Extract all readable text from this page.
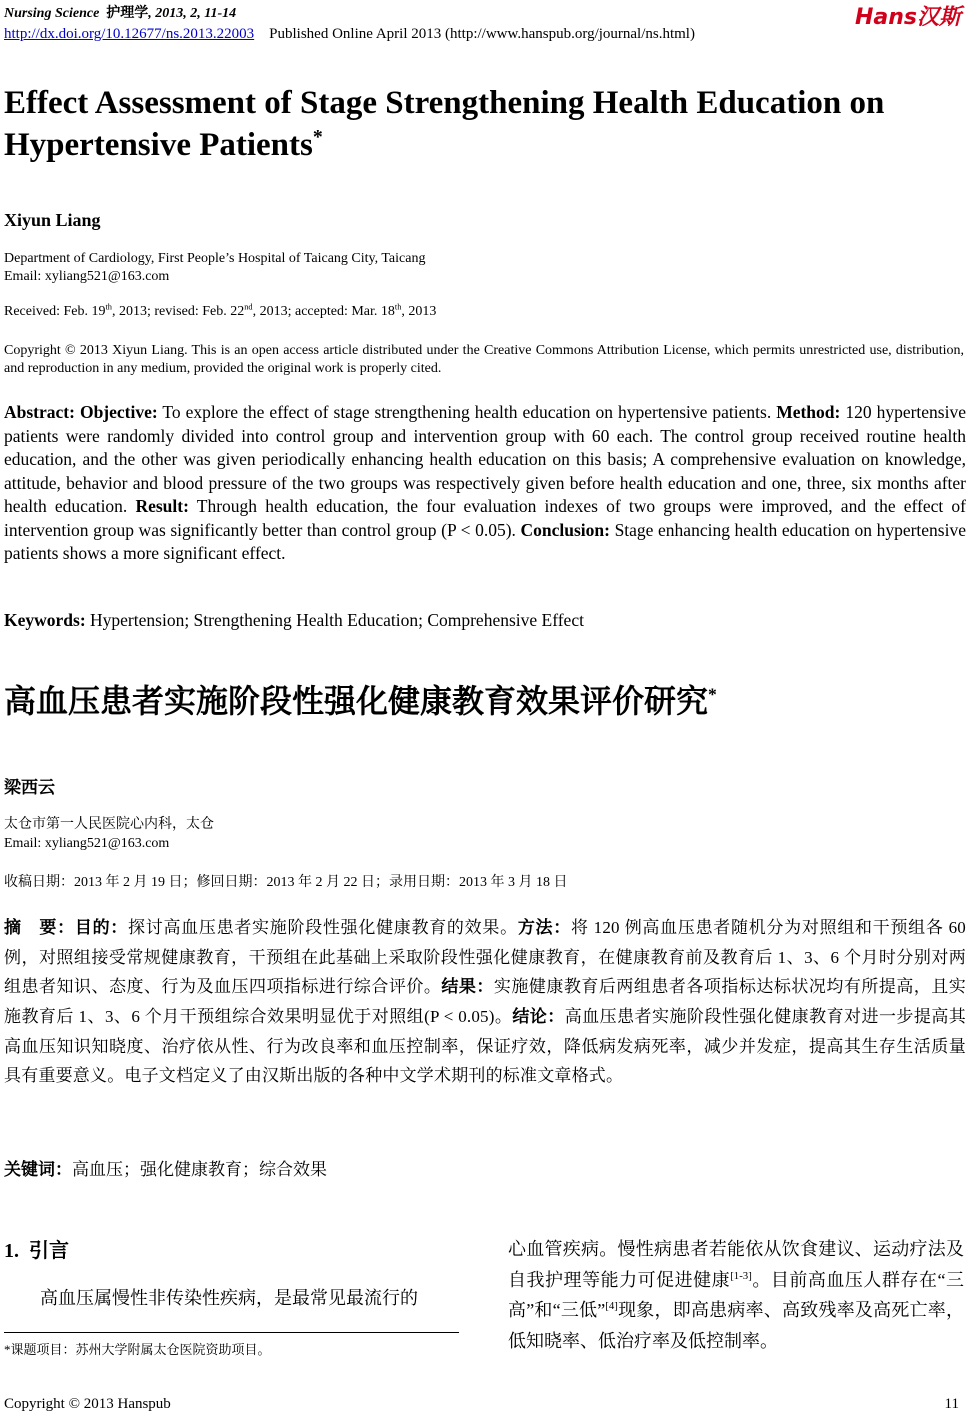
Nursing Science 护理学, 2013, 2, 11-14
http://dx.doi.org/10.12677/ns.2013.22003 Published Online April 2013 (http://www.hanspub.org/journal/ns.html)
Hans汉斯
Effect Assessment of Stage Strengthening Health Education on Hypertensive Patients*
Xiyun Liang
Department of Cardiology, First People’s Hospital of Taicang City, Taicang
Email: xyliang521@163.com
Received: Feb. 19th, 2013; revised: Feb. 22nd, 2013; accepted: Mar. 18th, 2013
Copyright © 2013 Xiyun Liang. This is an open access article distributed under the Creative Commons Attribution License, which permits unrestricted use, distribution, and reproduction in any medium, provided the original work is properly cited.
Abstract: Objective: To explore the effect of stage strengthening health education on hypertensive patients. Method: 120 hypertensive patients were randomly divided into control group and intervention group with 60 each. The control group received routine health education, and the other was given periodically enhancing health education on this basis; A comprehensive evaluation on knowledge, attitude, behavior and blood pressure of the two groups was respectively given before health education and one, three, six months after health education. Result: Through health education, the four evaluation indexes of two groups were improved, and the effect of intervention group was significantly better than control group (P < 0.05). Conclusion: Stage enhancing health education on hypertensive patients shows a more significant effect.
Keywords: Hypertension; Strengthening Health Education; Comprehensive Effect
高血压患者实施阶段性强化健康教育效果评价研究*
梁西云
太仓市第一人民医院心内科，太仓
Email: xyliang521@163.com
收稿日期：2013 年 2 月 19 日；修回日期：2013 年 2 月 22 日；录用日期：2013 年 3 月 18 日
摘　要：目的：探讨高血压患者实施阶段性强化健康教育的效果。方法：将 120 例高血压患者随机分为对照组和干预组各 60 例，对照组接受常规健康教育，干预组在此基础上采取阶段性强化健康教育，在健康教育前及教育后 1、3、6 个月时分别对两组患者知识、态度、行为及血压四项指标进行综合评价。结果：实施健康教育后两组患者各项指标达标状况均有所提高，且实施教育后 1、3、6 个月干预组综合效果明显优于对照组(P < 0.05)。结论：高血压患者实施阶段性强化健康教育对进一步提高其高血压知识知晓度、治疗依从性、行为改良率和血压控制率，保证疗效，降低病发病死率，减少并发症，提高其生存生活质量具有重要意义。电子文档定义了由汉斯出版的各种中文学术期刊的标准文章格式。
关键词：高血压；强化健康教育；综合效果
1. 引言
高血压属慢性非传染性疾病，是最常见最流行的
*课题项目：苏州大学附属太仓医院资助项目。
心血管疾病。慢性病患者若能依从饮食建议、运动疗法及自我护理等能力可促进健康[1-3]。目前高血压人群存在“三高”和“三低”[4]现象，即高患病率、高致残率及高死亡率，低知晓率、低治疗率及低控制率。
Copyright © 2013 Hanspub	11
